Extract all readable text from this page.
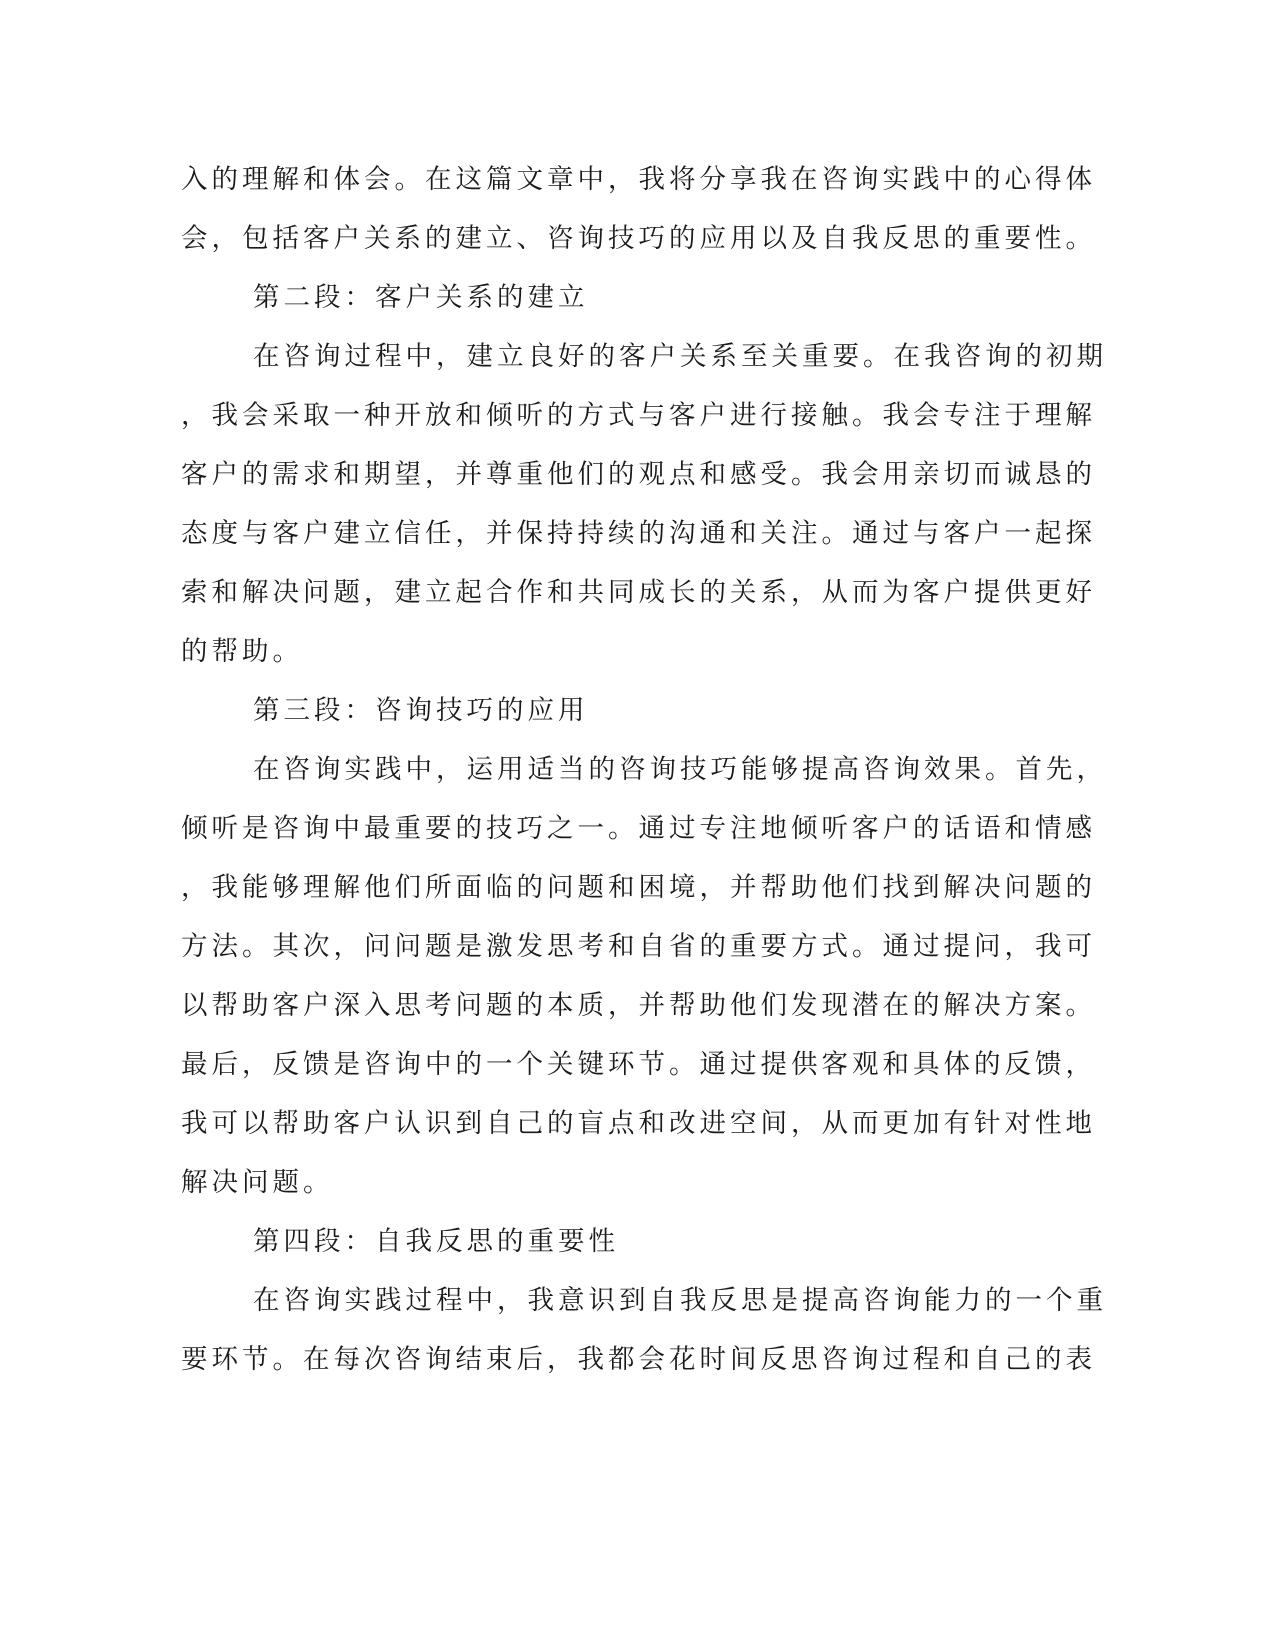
入的理解和体会。在这篇文章中，我将分享我在咨询实践中的心得体
会，包括客户关系的建立、咨询技巧的应用以及自我反思的重要性。
第二段：客户关系的建立
在咨询过程中，建立良好的客户关系至关重要。在我咨询的初期
，我会采取一种开放和倾听的方式与客户进行接触。我会专注于理解
客户的需求和期望，并尊重他们的观点和感受。我会用亲切而诚恳的
态度与客户建立信任，并保持持续的沟通和关注。通过与客户一起探
索和解决问题，建立起合作和共同成长的关系，从而为客户提供更好
的帮助。
第三段：咨询技巧的应用
在咨询实践中，运用适当的咨询技巧能够提高咨询效果。首先，
倾听是咨询中最重要的技巧之一。通过专注地倾听客户的话语和情感
，我能够理解他们所面临的问题和困境，并帮助他们找到解决问题的
方法。其次，问问题是激发思考和自省的重要方式。通过提问，我可
以帮助客户深入思考问题的本质，并帮助他们发现潜在的解决方案。
最后，反馈是咨询中的一个关键环节。通过提供客观和具体的反馈，
我可以帮助客户认识到自己的盲点和改进空间，从而更加有针对性地
解决问题。
第四段：自我反思的重要性
在咨询实践过程中，我意识到自我反思是提高咨询能力的一个重
要环节。在每次咨询结束后，我都会花时间反思咨询过程和自己的表
